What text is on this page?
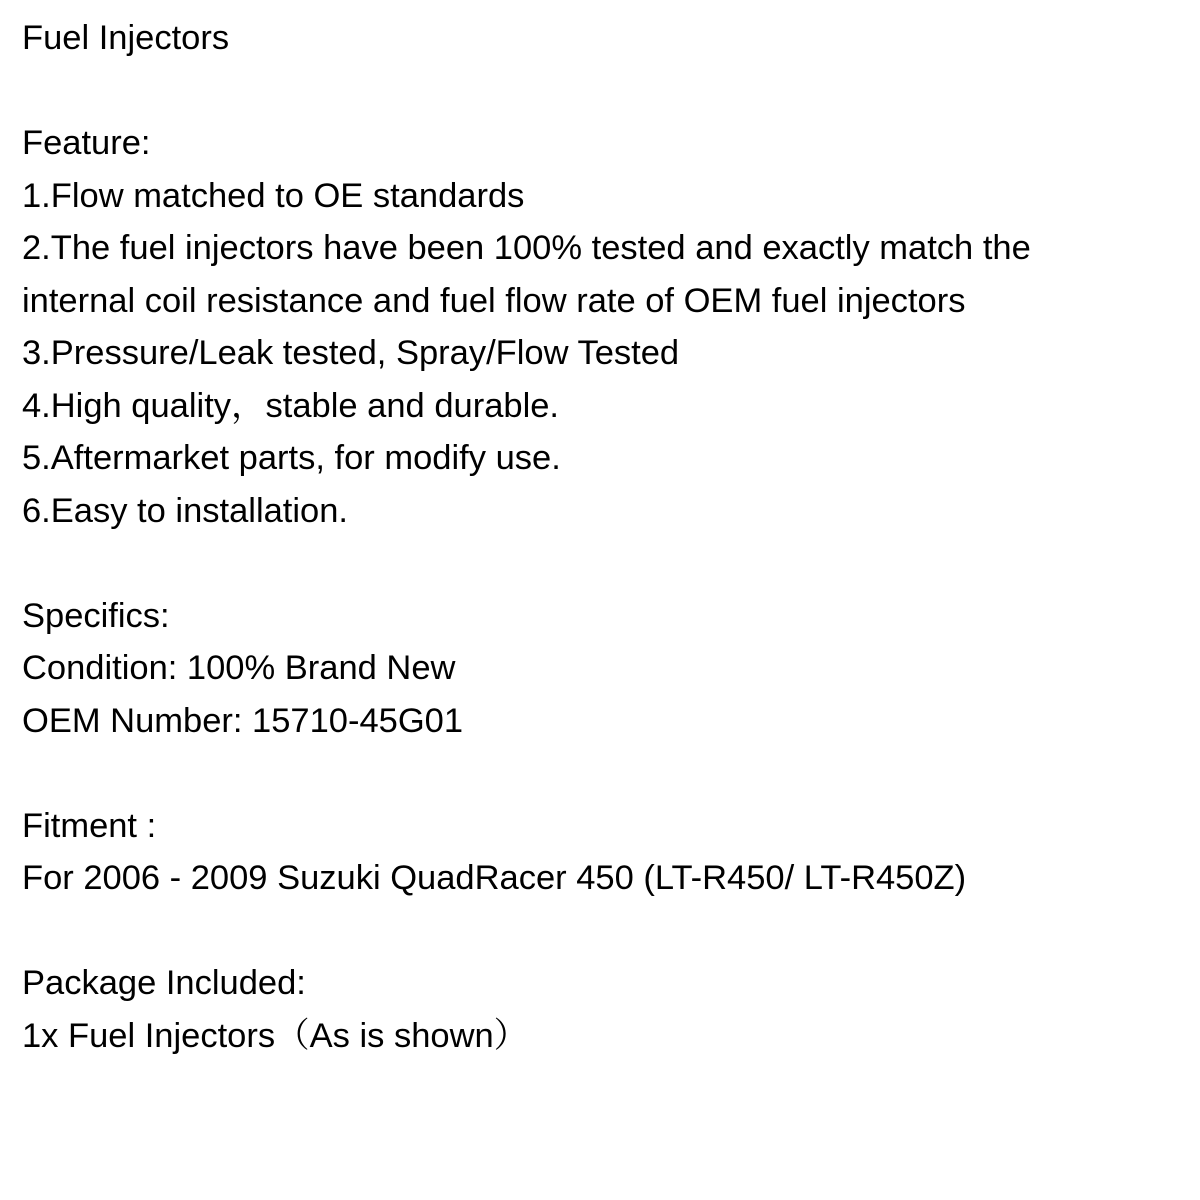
Fuel Injectors
Feature:
1.Flow matched to OE standards
2.The fuel injectors have been 100% tested and exactly match the
internal coil resistance and fuel flow rate of OEM fuel injectors
3.Pressure/Leak tested, Spray/Flow Tested
4.High quality，stable and durable.
5.Aftermarket parts, for modify use.
6.Easy to installation.
Specifics:
Condition: 100% Brand New
OEM Number: 15710-45G01
Fitment :
For 2006 - 2009 Suzuki QuadRacer 450 (LT-R450/ LT-R450Z)
Package Included:
1x Fuel Injectors（As is shown）
